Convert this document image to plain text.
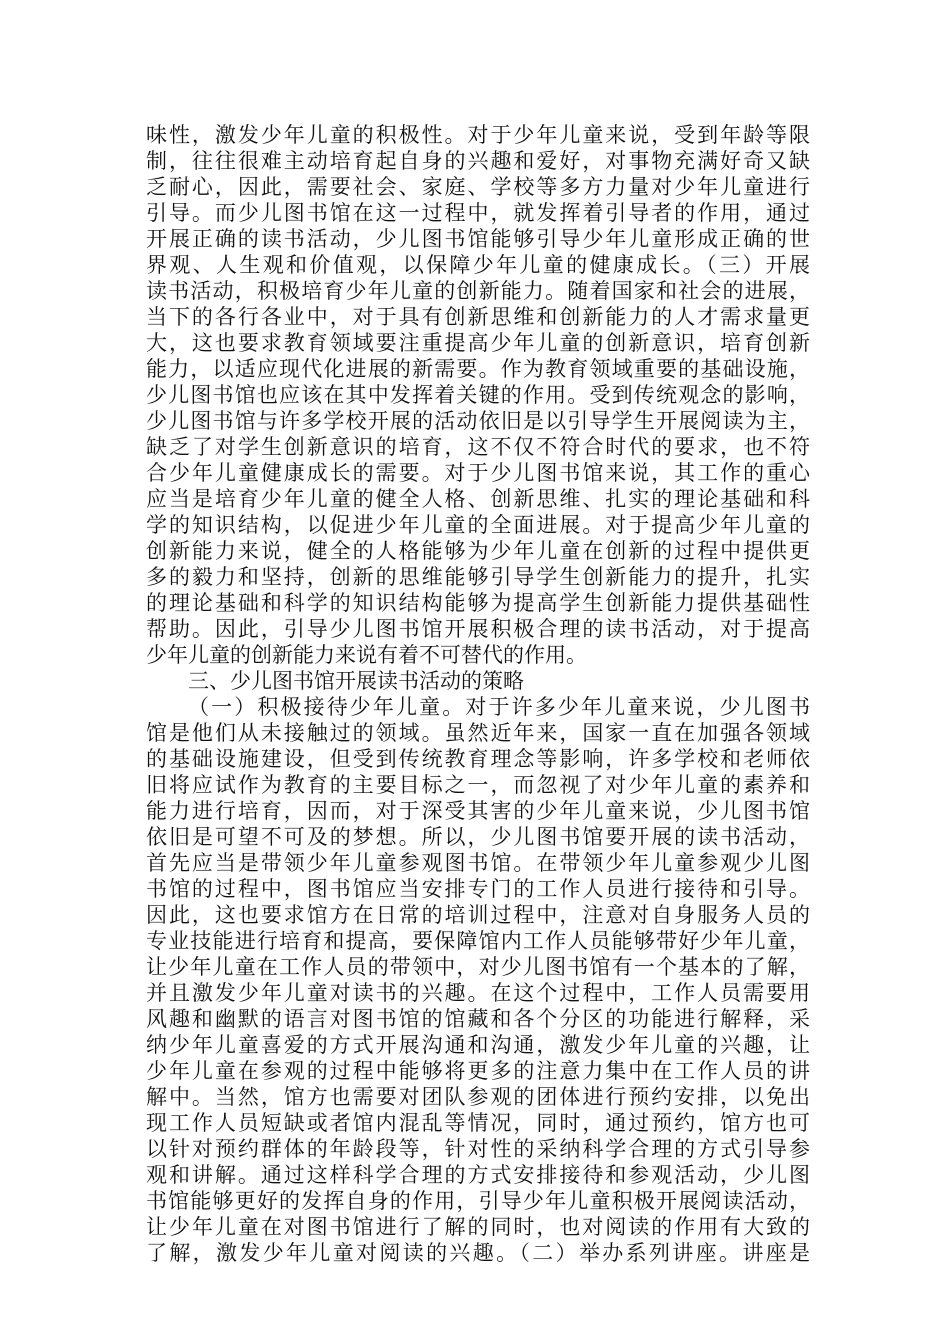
味性，激发少年儿童的积极性。对于少年儿童来说，受到年龄等限
制，往往很难主动培育起自身的兴趣和爱好，对事物充满好奇又缺
乏耐心，因此，需要社会、家庭、学校等多方力量对少年儿童进行
引导。而少儿图书馆在这一过程中，就发挥着引导者的作用，通过
开展正确的读书活动，少儿图书馆能够引导少年儿童形成正确的世
界观、人生观和价值观，以保障少年儿童的健康成长。（三）开展
读书活动，积极培育少年儿童的创新能力。随着国家和社会的进展，
当下的各行各业中，对于具有创新思维和创新能力的人才需求量更
大，这也要求教育领域要注重提高少年儿童的创新意识，培育创新
能力，以适应现代化进展的新需要。作为教育领域重要的基础设施，
少儿图书馆也应该在其中发挥着关键的作用。受到传统观念的影响，
少儿图书馆与许多学校开展的活动依旧是以引导学生开展阅读为主，
缺乏了对学生创新意识的培育，这不仅不符合时代的要求，也不符
合少年儿童健康成长的需要。对于少儿图书馆来说，其工作的重心
应当是培育少年儿童的健全人格、创新思维、扎实的理论基础和科
学的知识结构，以促进少年儿童的全面进展。对于提高少年儿童的
创新能力来说，健全的人格能够为少年儿童在创新的过程中提供更
多的毅力和坚持，创新的思维能够引导学生创新能力的提升，扎实
的理论基础和科学的知识结构能够为提高学生创新能力提供基础性
帮助。因此，引导少儿图书馆开展积极合理的读书活动，对于提高
少年儿童的创新能力来说有着不可替代的作用。
三、少儿图书馆开展读书活动的策略
（一）积极接待少年儿童。对于许多少年儿童来说，少儿图书
馆是他们从未接触过的领域。虽然近年来，国家一直在加强各领域
的基础设施建设，但受到传统教育理念等影响，许多学校和老师依
旧将应试作为教育的主要目标之一，而忽视了对少年儿童的素养和
能力进行培育，因而，对于深受其害的少年儿童来说，少儿图书馆
依旧是可望不可及的梦想。所以，少儿图书馆要开展的读书活动，
首先应当是带领少年儿童参观图书馆。在带领少年儿童参观少儿图
书馆的过程中，图书馆应当安排专门的工作人员进行接待和引导。
因此，这也要求馆方在日常的培训过程中，注意对自身服务人员的
专业技能进行培育和提高，要保障馆内工作人员能够带好少年儿童，
让少年儿童在工作人员的带领中，对少儿图书馆有一个基本的了解，
并且激发少年儿童对读书的兴趣。在这个过程中，工作人员需要用
风趣和幽默的语言对图书馆的馆藏和各个分区的功能进行解释，采
纳少年儿童喜爱的方式开展沟通和沟通，激发少年儿童的兴趣，让
少年儿童在参观的过程中能够将更多的注意力集中在工作人员的讲
解中。当然，馆方也需要对团队参观的团体进行预约安排，以免出
现工作人员短缺或者馆内混乱等情况，同时，通过预约，馆方也可
以针对预约群体的年龄段等，针对性的采纳科学合理的方式引导参
观和讲解。通过这样科学合理的方式安排接待和参观活动，少儿图
书馆能够更好的发挥自身的作用，引导少年儿童积极开展阅读活动，
让少年儿童在对图书馆进行了解的同时，也对阅读的作用有大致的
了解，激发少年儿童对阅读的兴趣。（二）举办系列讲座。讲座是
